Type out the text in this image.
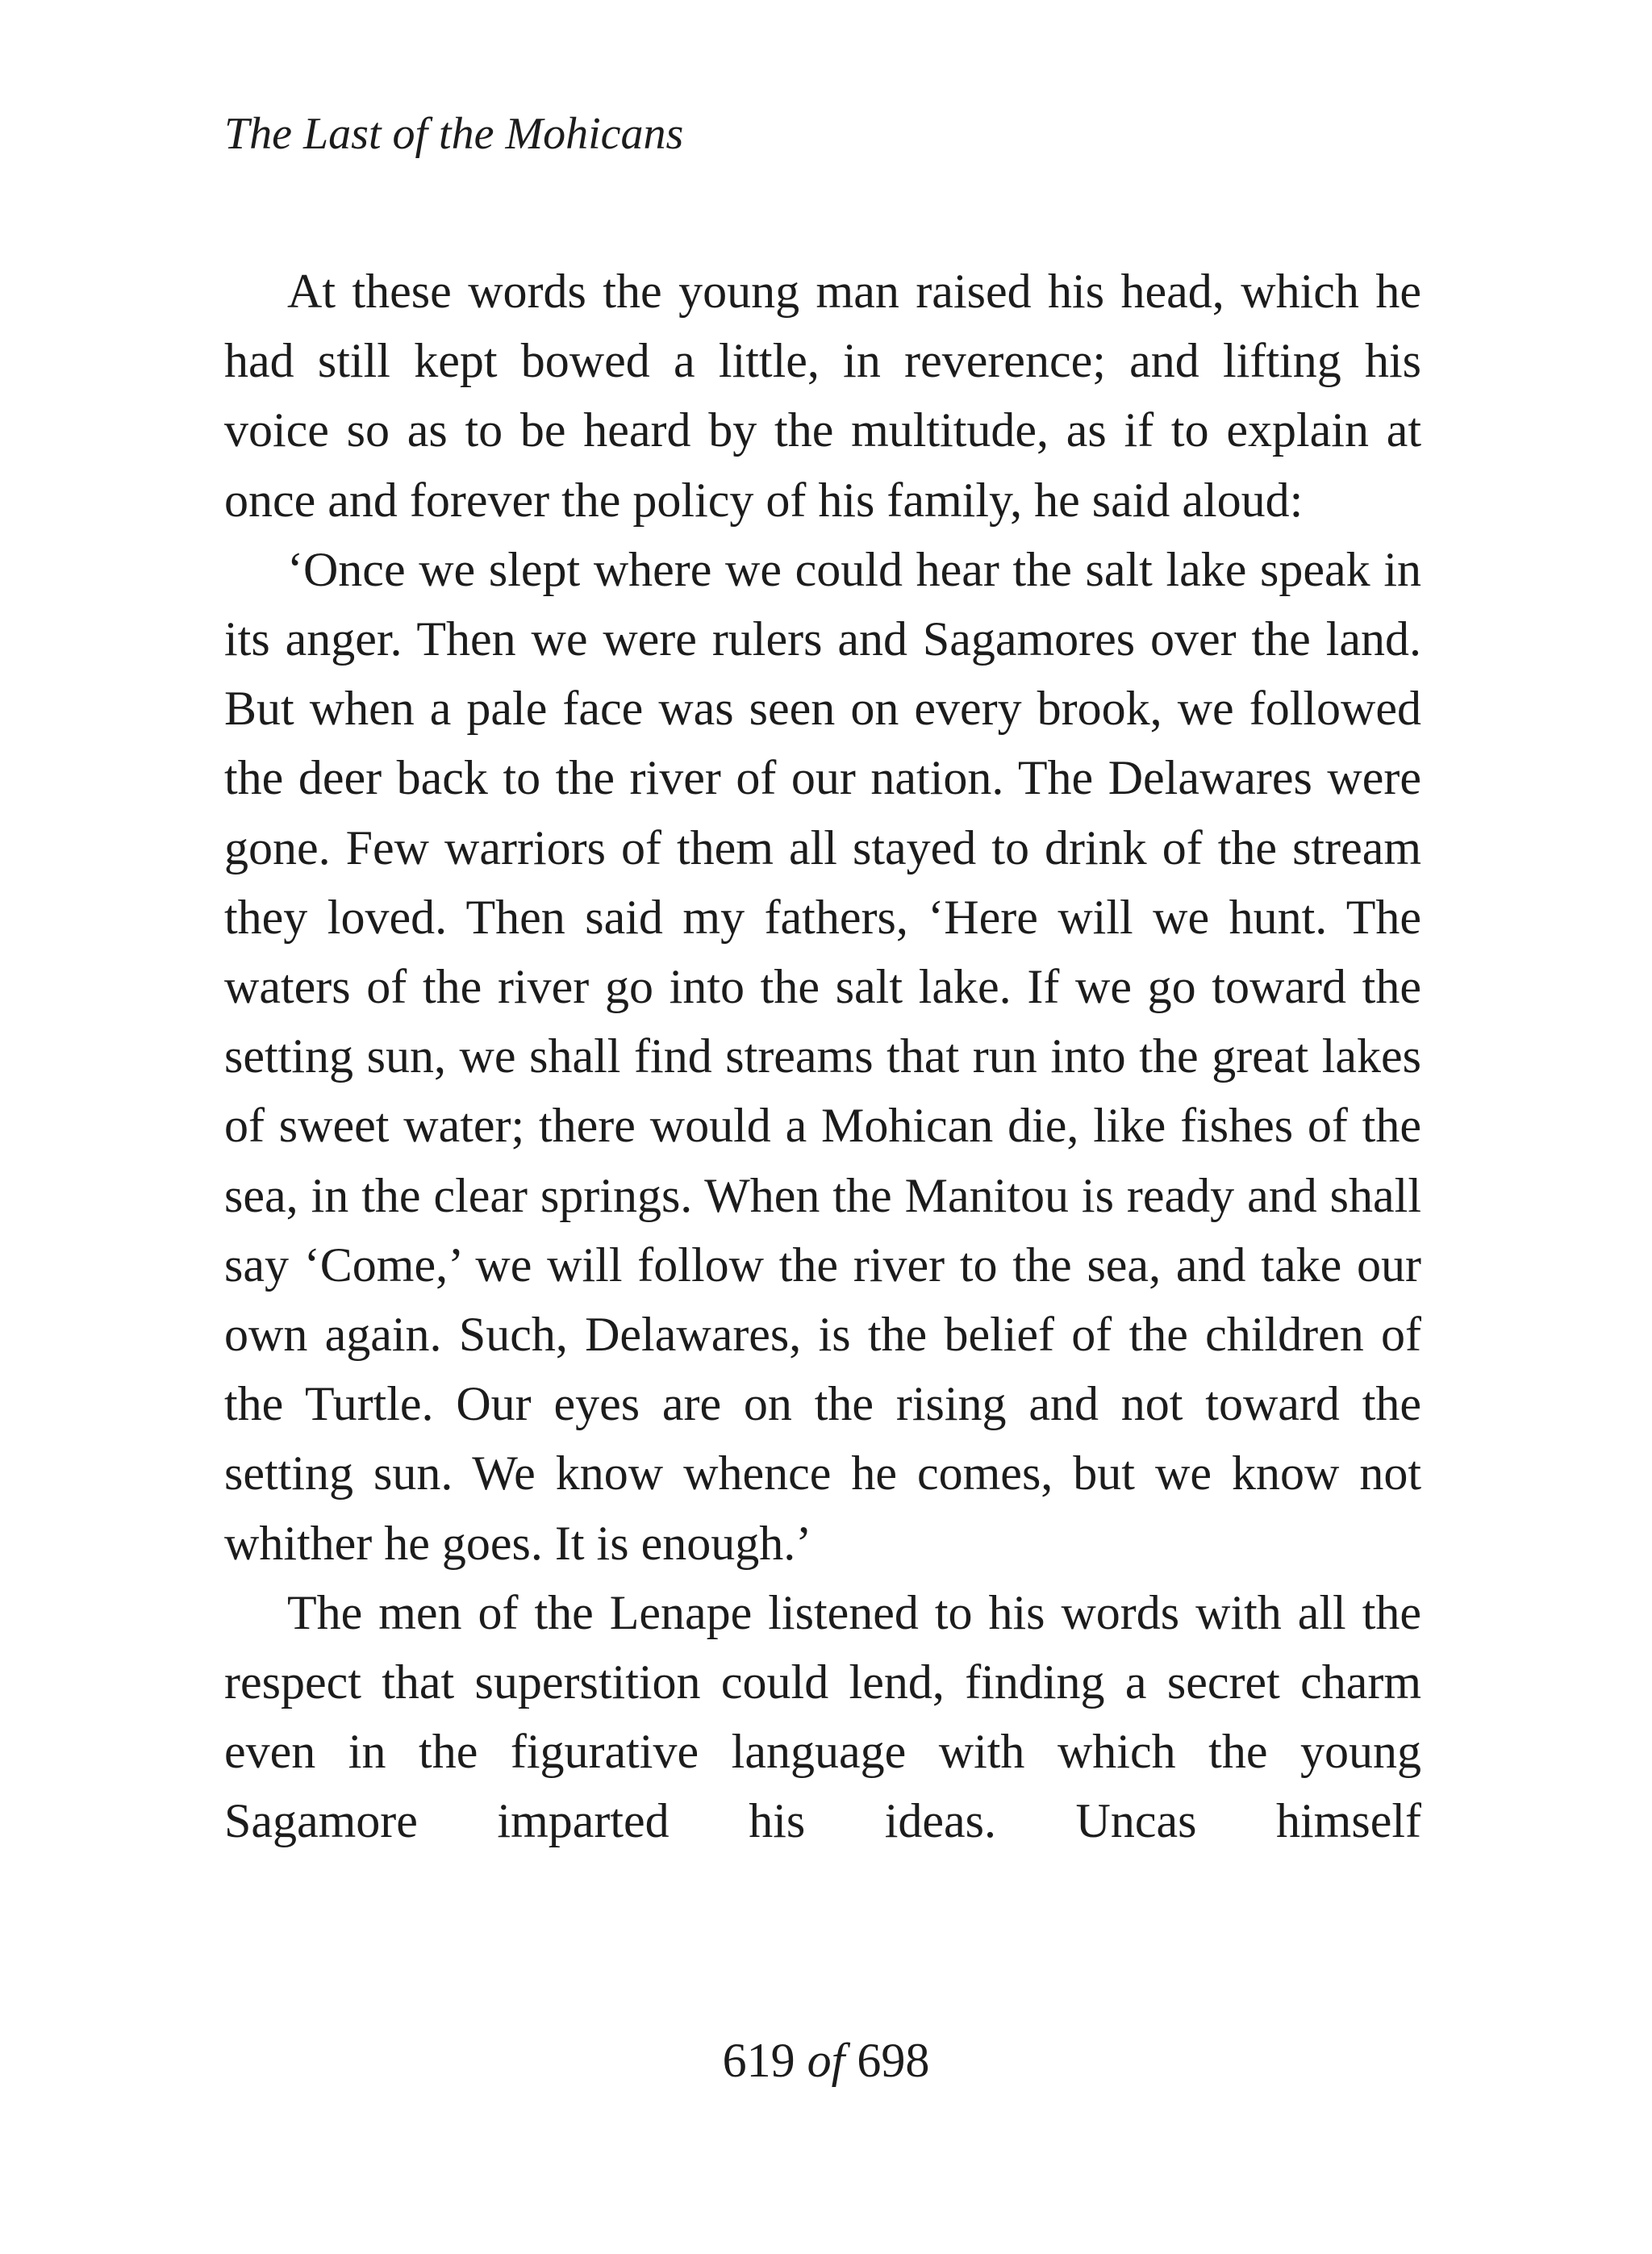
The Last of the Mohicans

At these words the young man raised his head, which he had still kept bowed a little, in reverence; and lifting his voice so as to be heard by the multitude, as if to explain at once and forever the policy of his family, he said aloud:

‘Once we slept where we could hear the salt lake speak in its anger. Then we were rulers and Sagamores over the land. But when a pale face was seen on every brook, we followed the deer back to the river of our nation. The Delawares were gone. Few warriors of them all stayed to drink of the stream they loved. Then said my fathers, ‘Here will we hunt. The waters of the river go into the salt lake. If we go toward the setting sun, we shall find streams that run into the great lakes of sweet water; there would a Mohican die, like fishes of the sea, in the clear springs. When the Manitou is ready and shall say ‘Come,’ we will follow the river to the sea, and take our own again. Such, Delawares, is the belief of the children of the Turtle. Our eyes are on the rising and not toward the setting sun. We know whence he comes, but we know not whither he goes. It is enough.’

The men of the Lenape listened to his words with all the respect that superstition could lend, finding a secret charm even in the figurative language with which the young Sagamore imparted his ideas. Uncas himself

619 of 698
